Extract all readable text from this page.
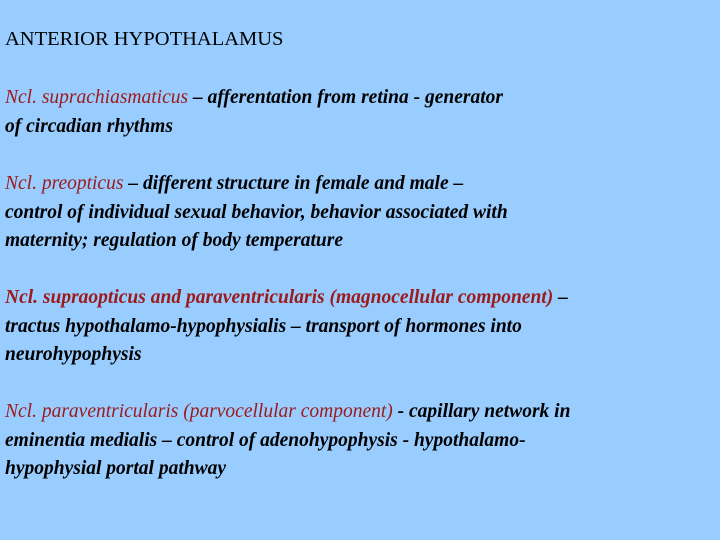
ANTERIOR HYPOTHALAMUS
Ncl. suprachiasmaticus – afferentation from retina - generator
of circadian rhythms
Ncl. preopticus – different structure in female and male –
control of individual sexual behavior, behavior associated with
maternity; regulation of body temperature
Ncl. supraopticus and paraventricularis (magnocellular component) –
tractus hypothalamo-hypophysialis – transport of hormones into
neurohypophysis
Ncl. paraventricularis (parvocellular component) - capillary network in
eminentia medialis – control of adenohypophysis - hypothalamo-
hypophysial portal pathway
